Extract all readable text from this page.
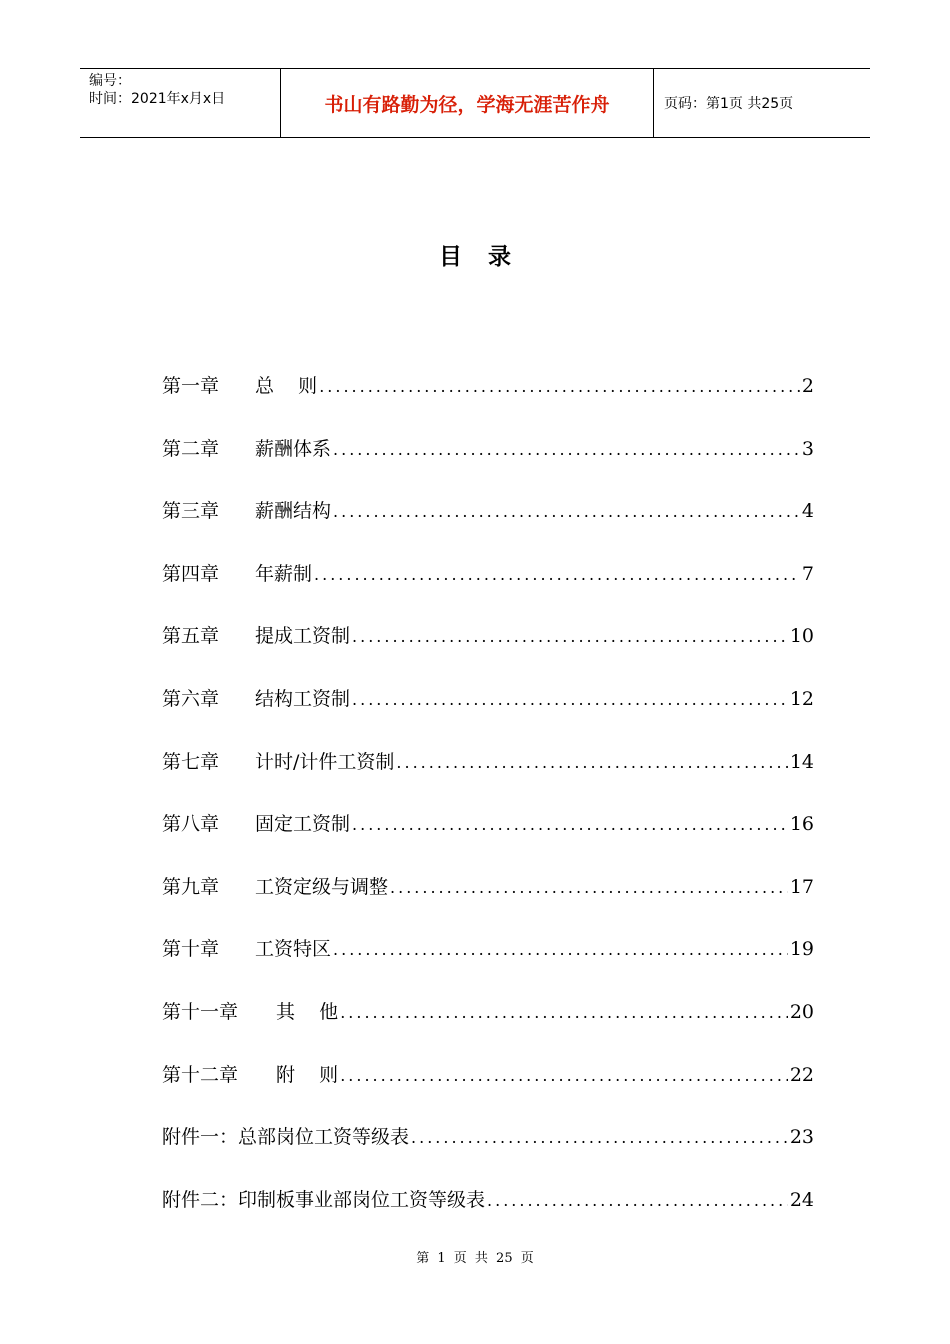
编号：
时间：2021年x月x日	书山有路勤为径，学海无涯苦作舟	页码：第1页 共25页
目录
第一章 总    则 .....	2
第二章 薪酬体系 .....	3
第三章 薪酬结构 .....	4
第四章 年薪制 .....	7
第五章 提成工资制 .....	10
第六章 结构工资制 .....	12
第七章 计时/计件工资制 .....	14
第八章 固定工资制 .....	16
第九章 工资定级与调整 .....	17
第十章 工资特区 .....	19
第十一章 其    他 .....	20
第十二章 附    则 .....	22
附件一： 总部岗位工资等级表 .....	23
附件二： 印制板事业部岗位工资等级表 .....	24
第 1 页 共 25 页
